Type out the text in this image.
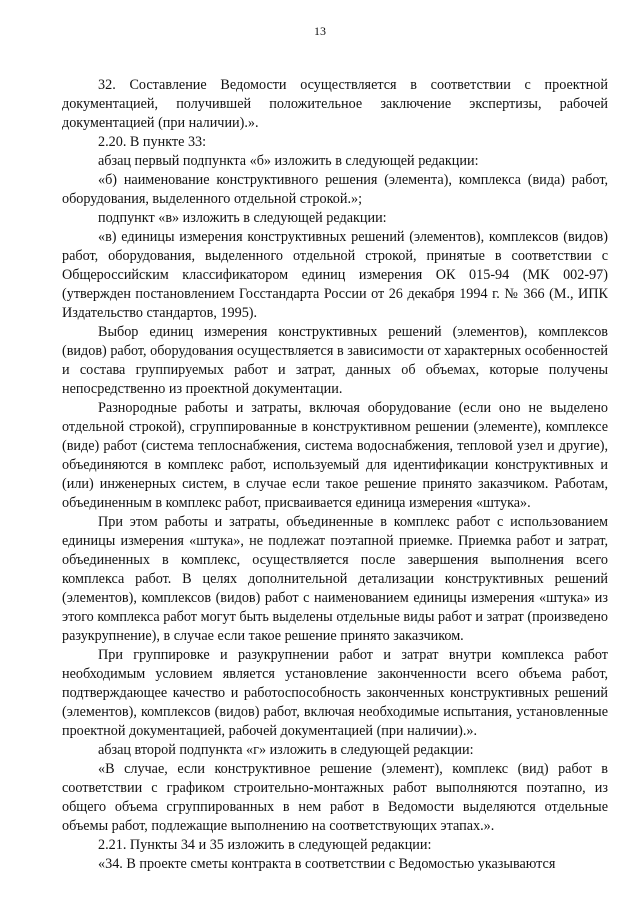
13

32. Составление Ведомости осуществляется в соответствии с проектной документацией, получившей положительное заключение экспертизы, рабочей документацией (при наличии).».

2.20. В пункте 33:

абзац первый подпункта «б» изложить в следующей редакции:

«б) наименование конструктивного решения (элемента), комплекса (вида) работ, оборудования, выделенного отдельной строкой.»;

подпункт «в» изложить в следующей редакции:

«в) единицы измерения конструктивных решений (элементов), комплексов (видов) работ, оборудования, выделенного отдельной строкой, принятые в соответствии с Общероссийским классификатором единиц измерения ОК 015-94 (МК 002-97) (утвержден постановлением Госстандарта России от 26 декабря 1994 г. № 366 (М., ИПК Издательство стандартов, 1995).

Выбор единиц измерения конструктивных решений (элементов), комплексов (видов) работ, оборудования осуществляется в зависимости от характерных особенностей и состава группируемых работ и затрат, данных об объемах, которые получены непосредственно из проектной документации.

Разнородные работы и затраты, включая оборудование (если оно не выделено отдельной строкой), сгруппированные в конструктивном решении (элементе), комплексе (виде) работ (система теплоснабжения, система водоснабжения, тепловой узел и другие), объединяются в комплекс работ, используемый для идентификации конструктивных и (или) инженерных систем, в случае если такое решение принято заказчиком. Работам, объединенным в комплекс работ, присваивается единица измерения «штука».

При этом работы и затраты, объединенные в комплекс работ с использованием единицы измерения «штука», не подлежат поэтапной приемке. Приемка работ и затрат, объединенных в комплекс, осуществляется после завершения выполнения всего комплекса работ. В целях дополнительной детализации конструктивных решений (элементов), комплексов (видов) работ с наименованием единицы измерения «штука» из этого комплекса работ могут быть выделены отдельные виды работ и затрат (произведено разукрупнение), в случае если такое решение принято заказчиком.

При группировке и разукрупнении работ и затрат внутри комплекса работ необходимым условием является установление законченности всего объема работ, подтверждающее качество и работоспособность законченных конструктивных решений (элементов), комплексов (видов) работ, включая необходимые испытания, установленные проектной документацией, рабочей документацией (при наличии).».

абзац второй подпункта «г» изложить в следующей редакции:

«В случае, если конструктивное решение (элемент), комплекс (вид) работ в соответствии с графиком строительно-монтажных работ выполняются поэтапно, из общего объема сгруппированных в нем работ в Ведомости выделяются отдельные объемы работ, подлежащие выполнению на соответствующих этапах.».

2.21. Пункты 34 и 35 изложить в следующей редакции:

«34. В проекте сметы контракта в соответствии с Ведомостью указываются
